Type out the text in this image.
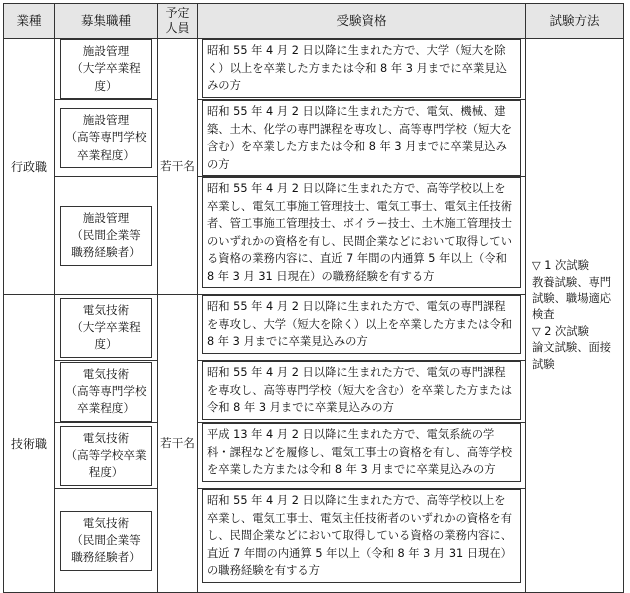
業種	募集職種	予定
人員	受験資格	試験方法
行政職	施設管理
（大学卒業程度）	若干名	昭和 55 年 4 月 2 日以降に生まれた方で、大学（短大を除く）以上を卒業した方または令和 8 年 3 月までに卒業見込みの方	▽ 1 次試験
教養試験、専門試験、職場適応検査
▽ 2 次試験
論文試験、面接試験

	施設管理
（高等専門学校
卒業程度）		昭和 55 年 4 月 2 日以降に生まれた方で、電気、機械、建築、土木、化学の専門課程を専攻し、高等専門学校（短大を含む）を卒業した方または令和 8 年 3 月までに卒業見込みの方	

	施設管理
（民間企業等
職務経験者）		昭和 55 年 4 月 2 日以降に生まれた方で、高等学校以上を卒業し、電気工事施工管理技士、電気工事士、電気主任技術者、管工事施工管理技士、ボイラー技士、土木施工管理技士のいずれかの資格を有し、民間企業などにおいて取得している資格の業務内容に、直近 7 年間の内通算 5 年以上（令和 8 年 3 月 31 日現在）の職務経験を有する方	

技術職	電気技術
（大学卒業程度）	若干名	昭和 55 年 4 月 2 日以降に生まれた方で、電気の専門課程を専攻し、大学（短大を除く）以上を卒業した方または令和 8 年 3 月までに卒業見込みの方	

	電気技術
（高等専門学校
卒業程度）		昭和 55 年 4 月 2 日以降に生まれた方で、電気の専門課程を専攻し、高等専門学校（短大を含む）を卒業した方または令和 8 年 3 月までに卒業見込みの方	

	電気技術
（高等学校卒業
程度）		平成 13 年 4 月 2 日以降に生まれた方で、電気系統の学科・課程などを履修し、電気工事士の資格を有し、高等学校を卒業した方または令和 8 年 3 月までに卒業見込みの方	

	電気技術
（民間企業等
職務経験者）		昭和 55 年 4 月 2 日以降に生まれた方で、高等学校以上を卒業し、電気工事士、電気主任技術者のいずれかの資格を有し、民間企業などにおいて取得している資格の業務内容に、直近 7 年間の内通算 5 年以上（令和 8 年 3 月 31 日現在）の職務経験を有する方	
